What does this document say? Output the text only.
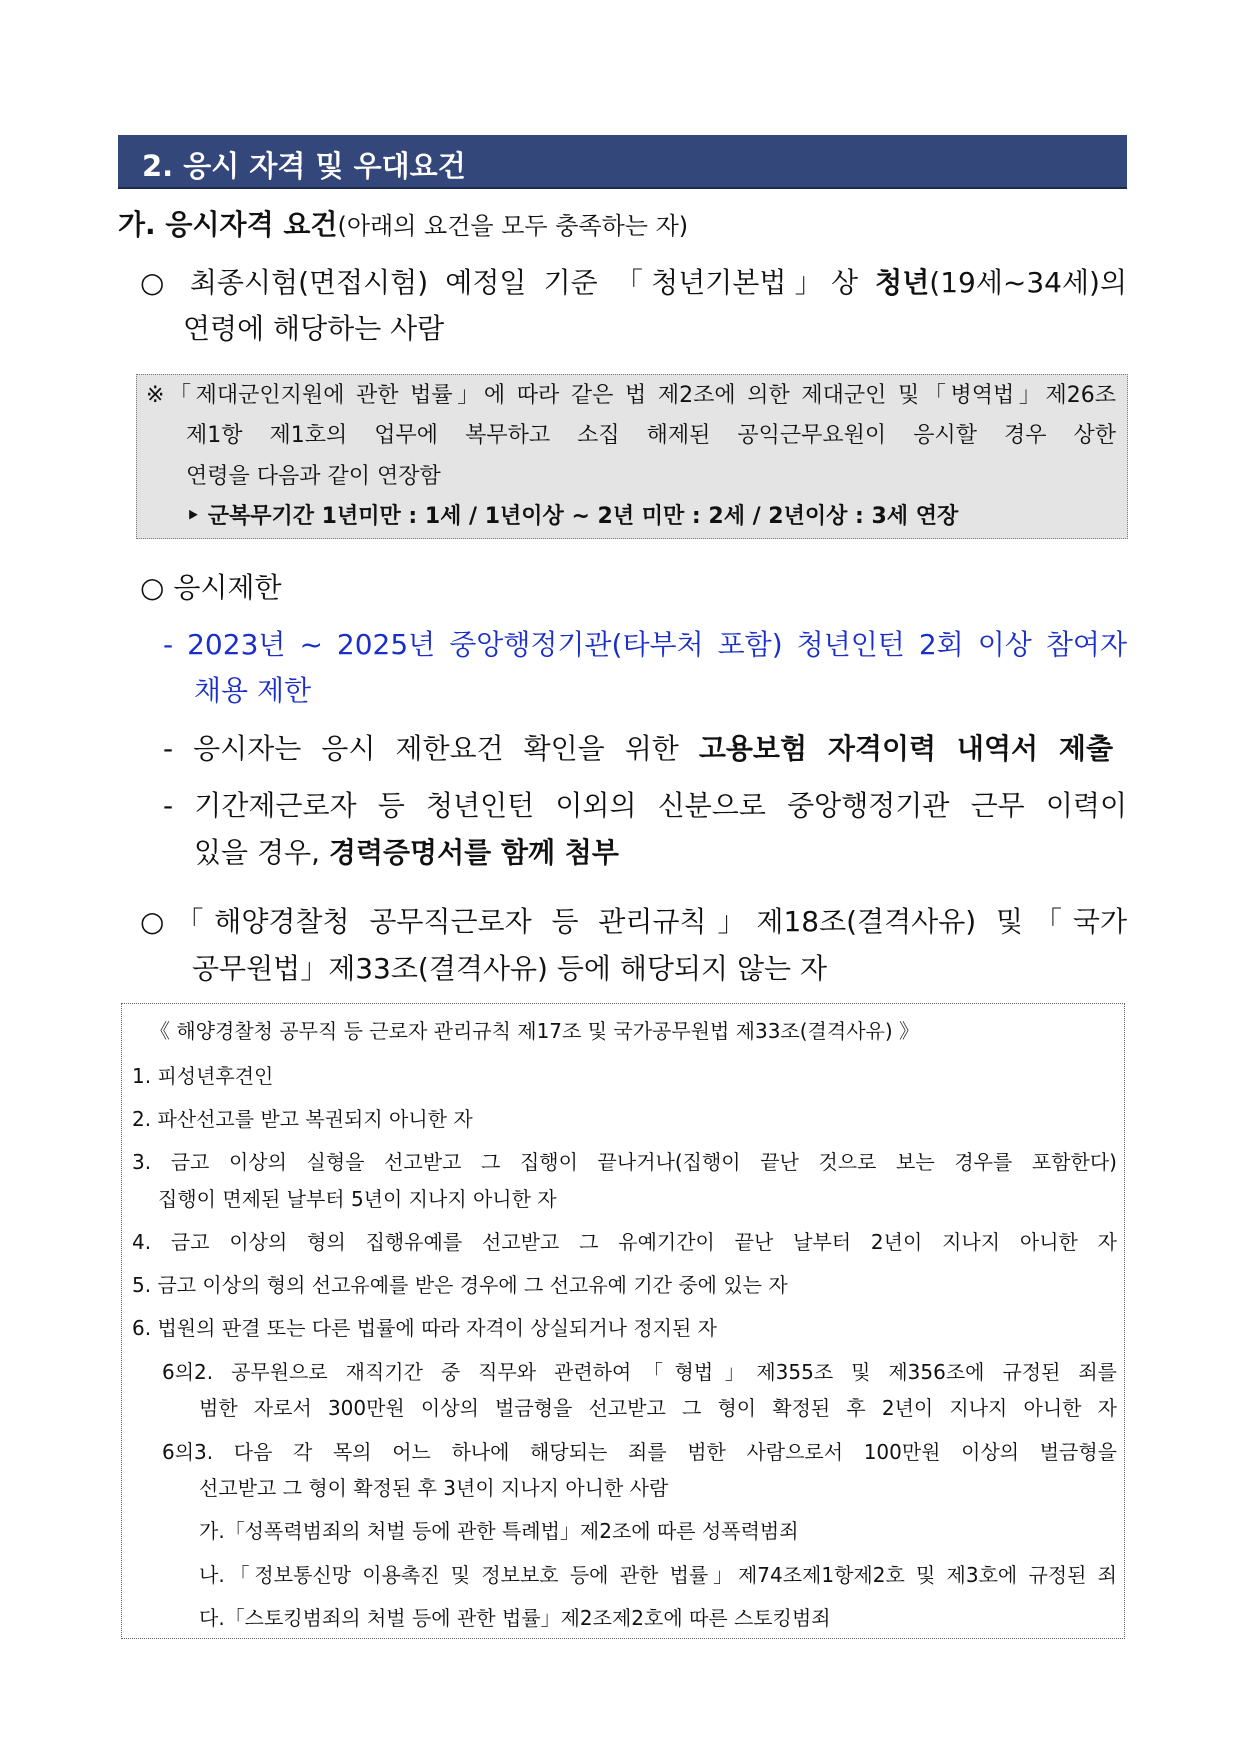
2. 응시 자격 및 우대요건
가. 응시자격 요건(아래의 요건을 모두 충족하는 자)
○ 최종시험(면접시험) 예정일 기준 「청년기본법」상 청년(19세~34세)의
연령에 해당하는 사람
※「제대군인지원에 관한 법률」에 따라 같은 법 제2조에 의한 제대군인 및「병역법」제26조
제1항 제1호의 업무에 복무하고 소집 해제된 공익근무요원이 응시할 경우 상한
연령을 다음과 같이 연장함
‣ 군복무기간 1년미만 : 1세 / 1년이상 ~ 2년 미만 : 2세 / 2년이상 : 3세 연장
○ 응시제한
- 2023년 ~ 2025년 중앙행정기관(타부처 포함) 청년인턴 2회 이상 참여자
채용 제한
- 응시자는 응시 제한요건 확인을 위한 고용보험 자격이력 내역서 제출
- 기간제근로자 등 청년인턴 이외의 신분으로 중앙행정기관 근무 이력이
있을 경우, 경력증명서를 함께 첨부
○「해양경찰청 공무직근로자 등 관리규칙」제18조(결격사유) 및「국가
공무원법」제33조(결격사유) 등에 해당되지 않는 자
《 해양경찰청 공무직 등 근로자 관리규칙 제17조 및 국가공무원법 제33조(결격사유) 》
1. 피성년후견인
2. 파산선고를 받고 복권되지 아니한 자
3. 금고 이상의 실형을 선고받고 그 집행이 끝나거나(집행이 끝난 것으로 보는 경우를 포함한다)
집행이 면제된 날부터 5년이 지나지 아니한 자
4. 금고 이상의 형의 집행유예를 선고받고 그 유예기간이 끝난 날부터 2년이 지나지 아니한 자
5. 금고 이상의 형의 선고유예를 받은 경우에 그 선고유예 기간 중에 있는 자
6. 법원의 판결 또는 다른 법률에 따라 자격이 상실되거나 정지된 자
6의2. 공무원으로 재직기간 중 직무와 관련하여「형법」제355조 및 제356조에 규정된 죄를
범한 자로서 300만원 이상의 벌금형을 선고받고 그 형이 확정된 후 2년이 지나지 아니한 자
6의3. 다음 각 목의 어느 하나에 해당되는 죄를 범한 사람으로서 100만원 이상의 벌금형을
선고받고 그 형이 확정된 후 3년이 지나지 아니한 사람
가.「성폭력범죄의 처벌 등에 관한 특례법」제2조에 따른 성폭력범죄
나.「정보통신망 이용촉진 및 정보보호 등에 관한 법률」제74조제1항제2호 및 제3호에 규정된 죄
다.「스토킹범죄의 처벌 등에 관한 법률」제2조제2호에 따른 스토킹범죄
